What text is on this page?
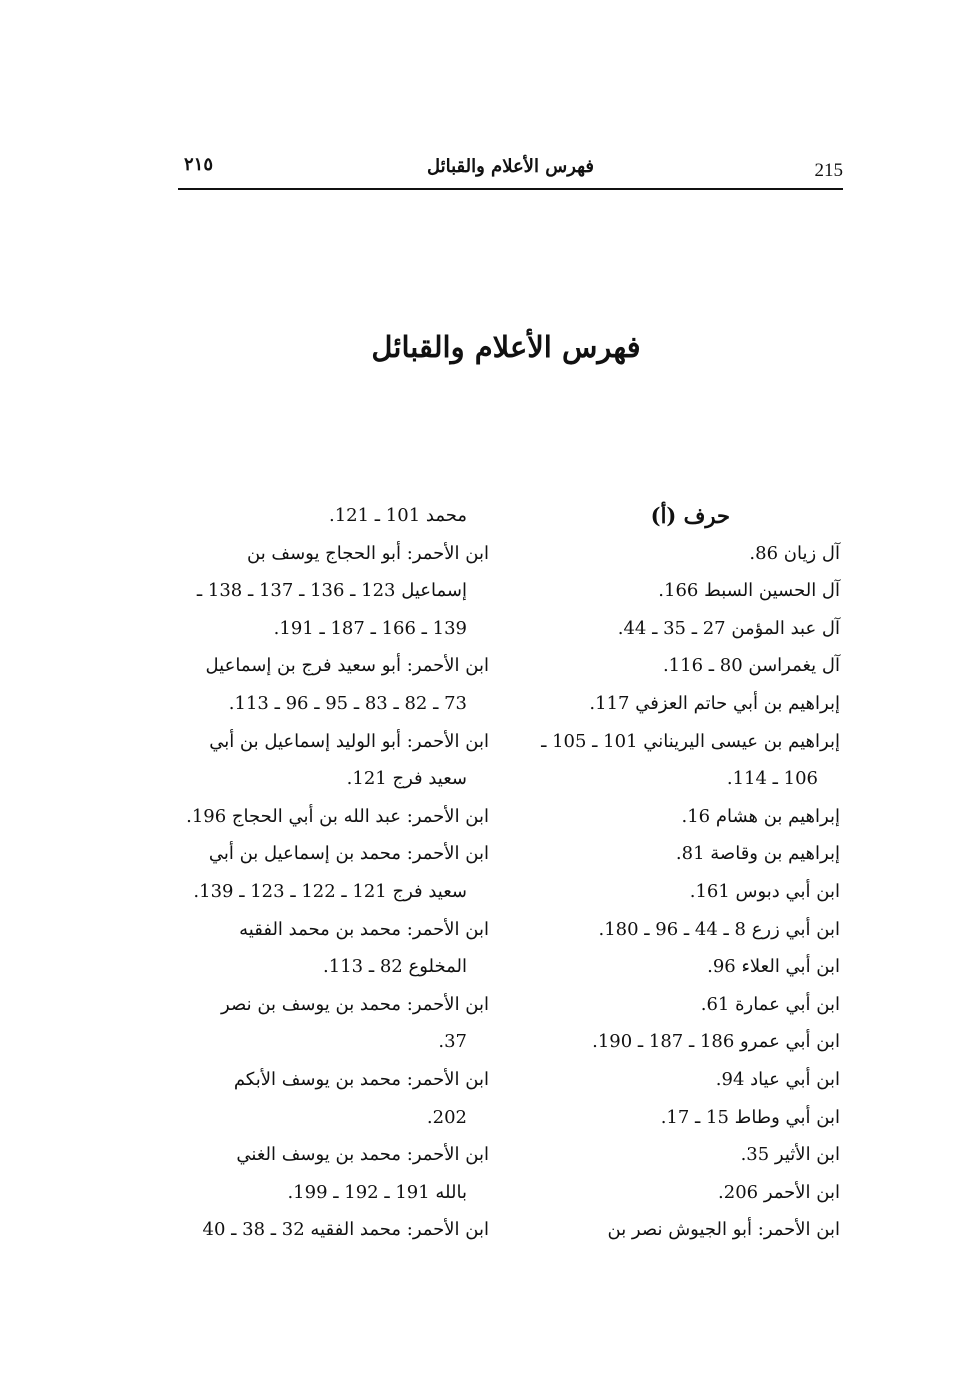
215
فهرس الأعلام والقبائل
٢١٥
فهرس الأعلام والقبائل
حرف (أ)
آل زيان 86.
آل الحسين السبط 166.
آل عبد المؤمن 27 ـ 35 ـ 44.
آل يغمراسن 80 ـ 116.
إبراهيم بن أبي حاتم العزفي 117.
إبراهيم بن عيسى اليريناني 101 ـ 105 ـ
106 ـ 114.
إبراهيم بن هشام 16.
إبراهيم بن وقاصة 81.
ابن أبي دبوس 161.
ابن أبي زرع 8 ـ 44 ـ 96 ـ 180.
ابن أبي العلاء 96.
ابن أبي عمارة 61.
ابن أبي عمرو 186 ـ 187 ـ 190.
ابن أبي عياد 94.
ابن أبي وطاط 15 ـ 17.
ابن الأثير 35.
ابن الأحمر 206.
ابن الأحمر: أبو الجيوش نصر بن
محمد 101 ـ 121.
ابن الأحمر: أبو الحجاج يوسف بن
إسماعيل 123 ـ 136 ـ 137 ـ 138 ـ
139 ـ 166 ـ 187 ـ 191.
ابن الأحمر: أبو سعيد فرج بن إسماعيل
73 ـ 82 ـ 83 ـ 95 ـ 96 ـ 113.
ابن الأحمر: أبو الوليد إسماعيل بن أبي
سعيد فرج 121.
ابن الأحمر: عبد الله بن أبي الحجاج 196.
ابن الأحمر: محمد بن إسماعيل بن أبي
سعيد فرج 121 ـ 122 ـ 123 ـ 139.
ابن الأحمر: محمد بن محمد الفقيه
المخلوع 82 ـ 113.
ابن الأحمر: محمد بن يوسف بن نصر
37.
ابن الأحمر: محمد بن يوسف الأبكم
202.
ابن الأحمر: محمد بن يوسف الغني
بالله 191 ـ 192 ـ 199.
ابن الأحمر: محمد الفقيه 32 ـ 38 ـ 40
